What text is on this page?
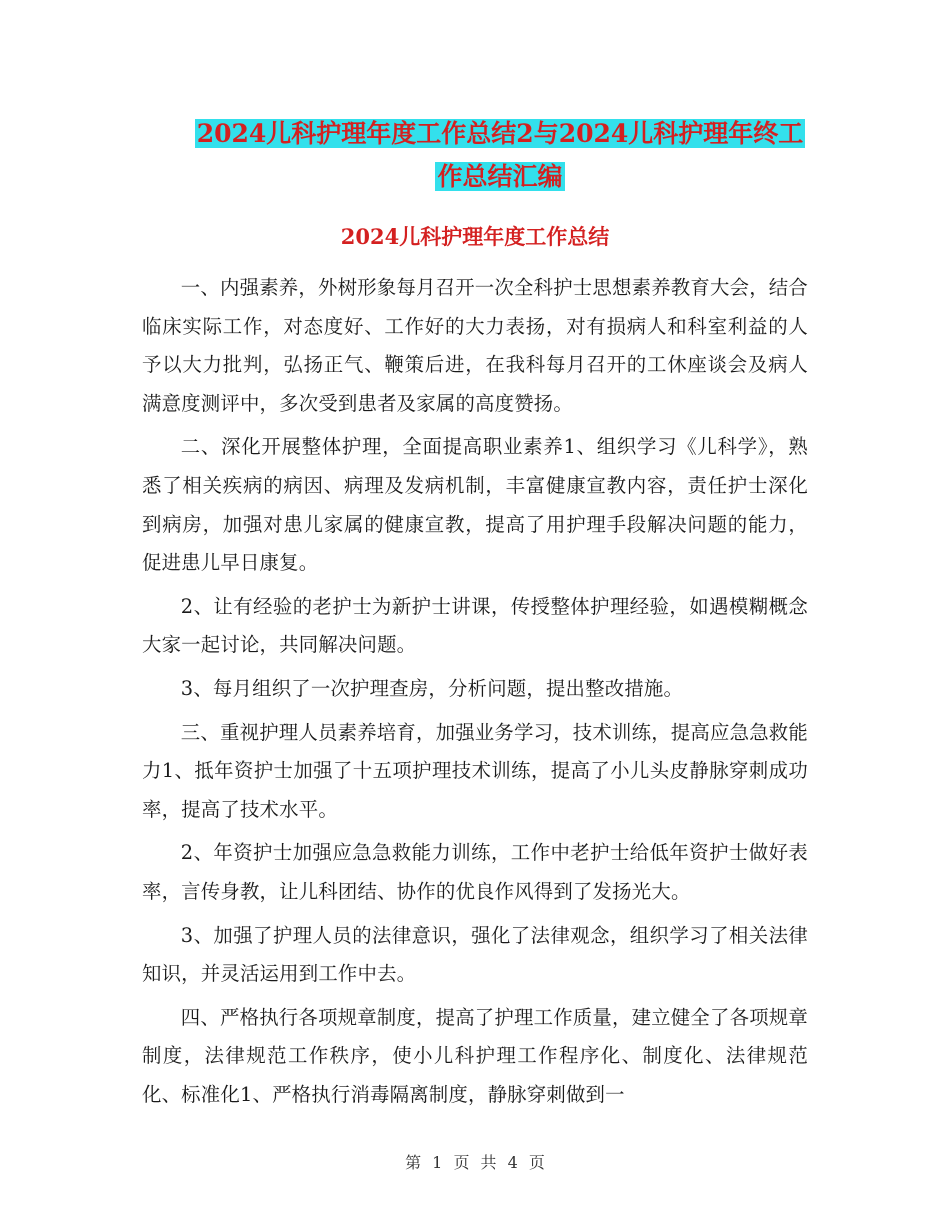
2024儿科护理年度工作总结2与2024儿科护理年终工
作总结汇编
2024儿科护理年度工作总结

一、内强素养，外树形象每月召开一次全科护士思想素养教育大会，结合临床实际工作，对态度好、工作好的大力表扬，对有损病人和科室利益的人予以大力批判，弘扬正气、鞭策后进，在我科每月召开的工休座谈会及病人满意度测评中，多次受到患者及家属的高度赞扬。

二、深化开展整体护理，全面提高职业素养1、组织学习《儿科学》，熟悉了相关疾病的病因、病理及发病机制，丰富健康宣教内容，责任护士深化到病房，加强对患儿家属的健康宣教，提高了用护理手段解决问题的能力，促进患儿早日康复。

2、让有经验的老护士为新护士讲课，传授整体护理经验，如遇模糊概念大家一起讨论，共同解决问题。

3、每月组织了一次护理查房，分析问题，提出整改措施。

三、重视护理人员素养培育，加强业务学习，技术训练，提高应急急救能力1、抵年资护士加强了十五项护理技术训练，提高了小儿头皮静脉穿刺成功率，提高了技术水平。

2、年资护士加强应急急救能力训练，工作中老护士给低年资护士做好表率，言传身教，让儿科团结、协作的优良作风得到了发扬光大。

3、加强了护理人员的法律意识，强化了法律观念，组织学习了相关法律知识，并灵活运用到工作中去。

四、严格执行各项规章制度，提高了护理工作质量，建立健全了各项规章制度，法律规范工作秩序，使小儿科护理工作程序化、制度化、法律规范化、标准化1、严格执行消毒隔离制度，静脉穿刺做到一

第 1 页 共 4 页
